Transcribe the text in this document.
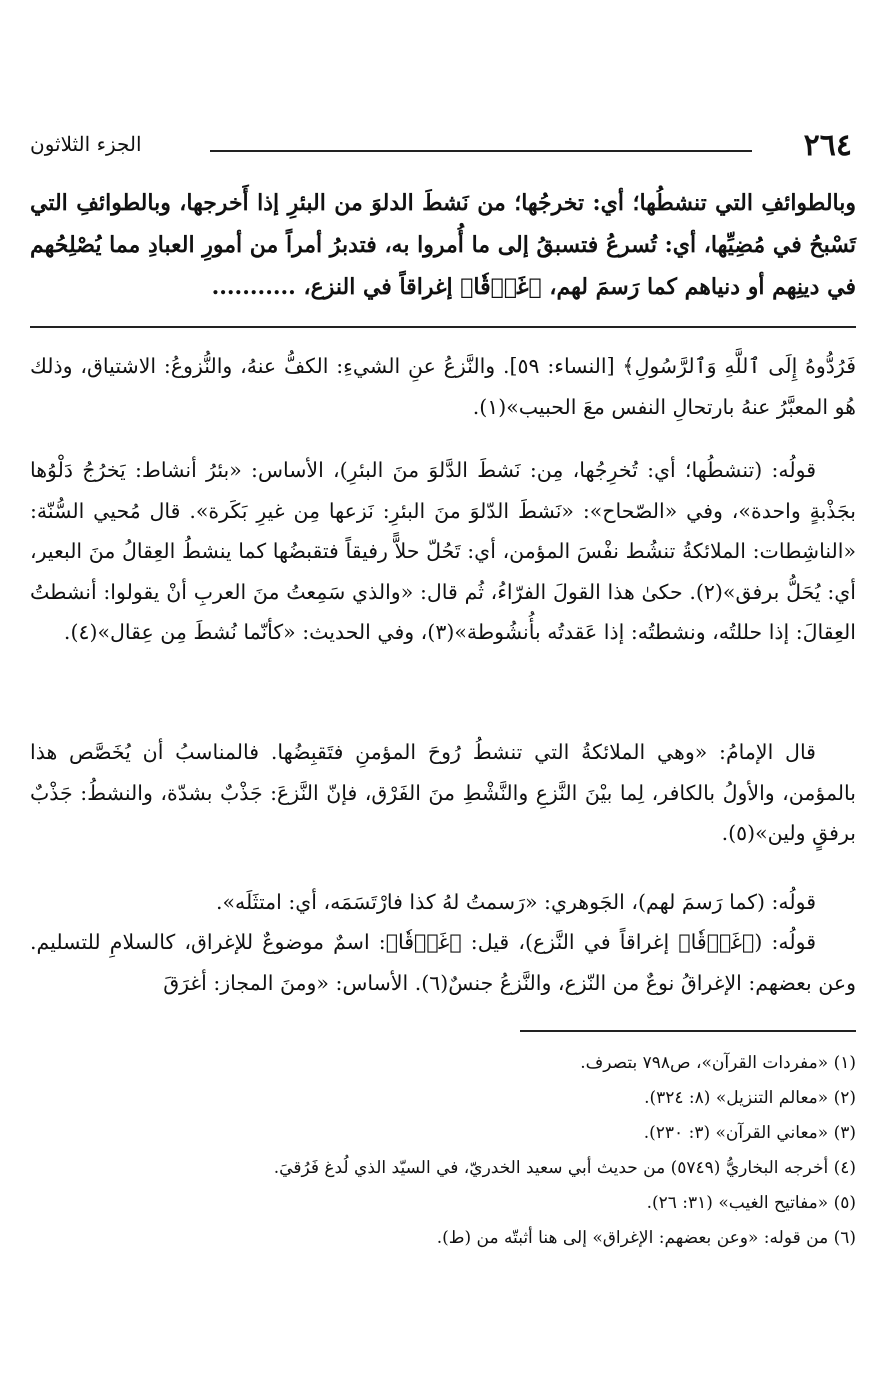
٢٦٤
الجزء الثلاثون
وبالطوائفِ التي تنشطُها؛ أي: تخرجُها؛ من نَشطَ الدلوَ من البئرِ إذا أَخرجها، وبالطوائفِ التي تَسْبحُ في مُضِيِّها، أي: تُسرعُ فتسبقُ إلى ما أُمروا به، فتدبرُ أمراً من أمورِ العبادِ مما يُصْلِحُهم في دينِهم أو دنياهم كما رَسمَ لهم، ﴿غَرۡقٗا﴾ إغراقاً في النزع، ...........
فَرُدُّوهُ إِلَى ٱللَّهِ وَٱلرَّسُولِ﴾ [النساء: ٥٩]. والنَّزعُ عنِ الشيءِ: الكفُّ عنهُ، والنُّزوعُ: الاشتياق، وذلك هُو المعبَّرُ عنهُ بارتحالِ النفس معَ الحبيب»(١).
قولُه: (تنشطُها؛ أي: تُخرِجُها، مِن: نَشطَ الدَّلوَ منَ البئرِ)، الأساس: «بئرُ أنشاط: يَخرُجُ دَلْوُها بجَذْبةٍ واحدة»، وفي «الصّحاح»: «نَشطَ الدّلوَ منَ البئرِ: نَزعها مِن غيرِ بَكَرة». قال مُحيي السُّنّة: «الناشِطات: الملائكةُ تنشُط نفْسَ المؤمن، أي: تَحُلّ حلاًّ رفيقاً فتقبضُها كما ينشطُ العِقالُ منَ البعير، أي: يُحَلُّ برفق»(٢). حكىٰ هذا القولَ الفرّاءُ، ثُم قال: «والذي سَمِعتُ منَ العربِ أنْ يقولوا: أنشطتُ العِقالَ: إذا حللتُه، ونشطتُه: إذا عَقدتُه بأُنشُوطة»(٣)، وفي الحديث: «كأنّما نُشطَ مِن عِقال»(٤).
قال الإمامُ: «وهي الملائكةُ التي تنشطُ رُوحَ المؤمنِ فتَقبِضُها. فالمناسبُ أن يُخَصَّص هذا بالمؤمن، والأولُ بالكافر، لِما بيْنَ النَّزعِ والنَّشْطِ منَ الفَرْق، فإنّ النَّزعَ: جَذْبٌ بشدّة، والنشطُ: جَذْبٌ برفقٍ ولين»(٥).
قولُه: (كما رَسمَ لهم)، الجَوهري: «رَسمتُ لهُ كذا فارْتَسَمَه، أي: امتثَلَه».
قولُه: (﴿غَرۡقٗا﴾ إغراقاً في النَّزع)، قيل: ﴿غَرۡقٗا﴾: اسمٌ موضوعٌ للإغراق، كالسلامِ للتسليم. وعن بعضهم: الإغراقُ نوعٌ من النّزع، والنَّزعُ جنسٌ(٦). الأساس: «ومنَ المجاز: أغرَقَ
(١) «مفردات القرآن»، ص٧٩٨ بتصرف.
(٢) «معالم التنزيل» (٨: ٣٢٤).
(٣) «معاني القرآن» (٣: ٢٣٠).
(٤) أخرجه البخاريُّ (٥٧٤٩) من حديث أبي سعيد الخدريّ، في السيّد الذي لُدغ فَرُقيَ.
(٥) «مفاتيح الغيب» (٣١: ٢٦).
(٦) من قوله: «وعن بعضهم: الإغراق» إلى هنا أثبتّه من (ط).
